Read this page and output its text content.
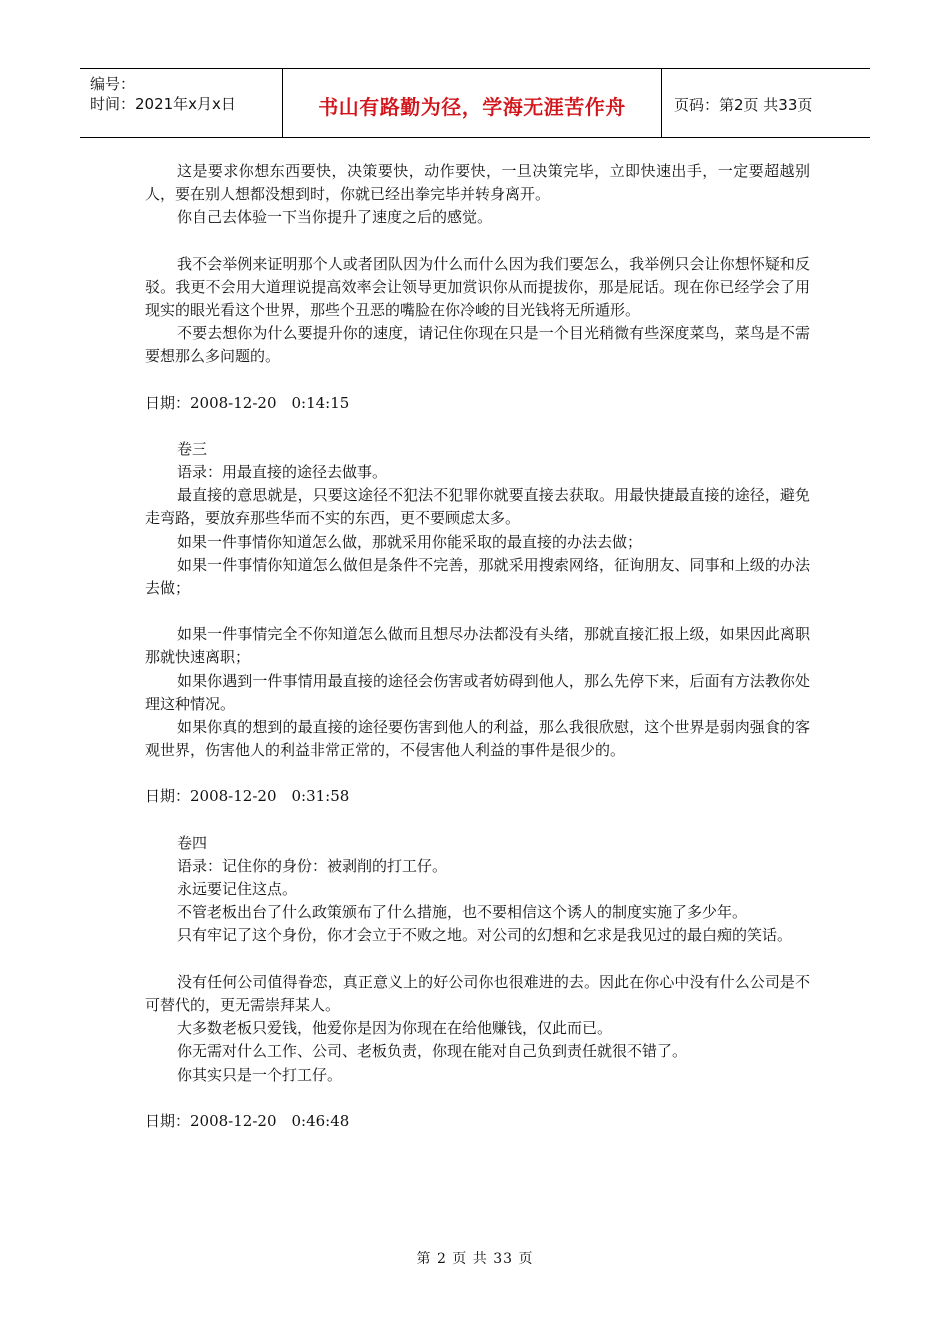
编号：
时间：2021年x月x日	书山有路勤为径，学海无涯苦作舟	页码：第2页 共33页

这是要求你想东西要快，决策要快，动作要快，一旦决策完毕，立即快速出手，一定要超越别人，要在别人想都没想到时，你就已经出拳完毕并转身离开。

你自己去体验一下当你提升了速度之后的感觉。

我不会举例来证明那个人或者团队因为什么而什么因为我们要怎么，我举例只会让你想怀疑和反驳。我更不会用大道理说提高效率会让领导更加赏识你从而提拔你，那是屁话。现在你已经学会了用现实的眼光看这个世界，那些个丑恶的嘴脸在你冷峻的目光钱将无所遁形。

不要去想你为什么要提升你的速度，请记住你现在只是一个目光稍微有些深度菜鸟，菜鸟是不需要想那么多问题的。

日期：2008-12-20　0:14:15

卷三

语录：用最直接的途径去做事。

最直接的意思就是，只要这途径不犯法不犯罪你就要直接去获取。用最快捷最直接的途径，避免走弯路，要放弃那些华而不实的东西，更不要顾虑太多。

如果一件事情你知道怎么做，那就采用你能采取的最直接的办法去做；

如果一件事情你知道怎么做但是条件不完善，那就采用搜索网络，征询朋友、同事和上级的办法去做；

如果一件事情完全不你知道怎么做而且想尽办法都没有头绪，那就直接汇报上级，如果因此离职那就快速离职；

如果你遇到一件事情用最直接的途径会伤害或者妨碍到他人，那么先停下来，后面有方法教你处理这种情况。

如果你真的想到的最直接的途径要伤害到他人的利益，那么我很欣慰，这个世界是弱肉强食的客观世界，伤害他人的利益非常正常的，不侵害他人利益的事件是很少的。

日期：2008-12-20　0:31:58

卷四

语录：记住你的身份：被剥削的打工仔。

永远要记住这点。

不管老板出台了什么政策颁布了什么措施，也不要相信这个诱人的制度实施了多少年。

只有牢记了这个身份，你才会立于不败之地。对公司的幻想和乞求是我见过的最白痴的笑话。

没有任何公司值得眷恋，真正意义上的好公司你也很难进的去。因此在你心中没有什么公司是不可替代的，更无需崇拜某人。

大多数老板只爱钱，他爱你是因为你现在在给他赚钱，仅此而已。

你无需对什么工作、公司、老板负责，你现在能对自己负到责任就很不错了。

你其实只是一个打工仔。

日期：2008-12-20　0:46:48

第 2 页 共 33 页
